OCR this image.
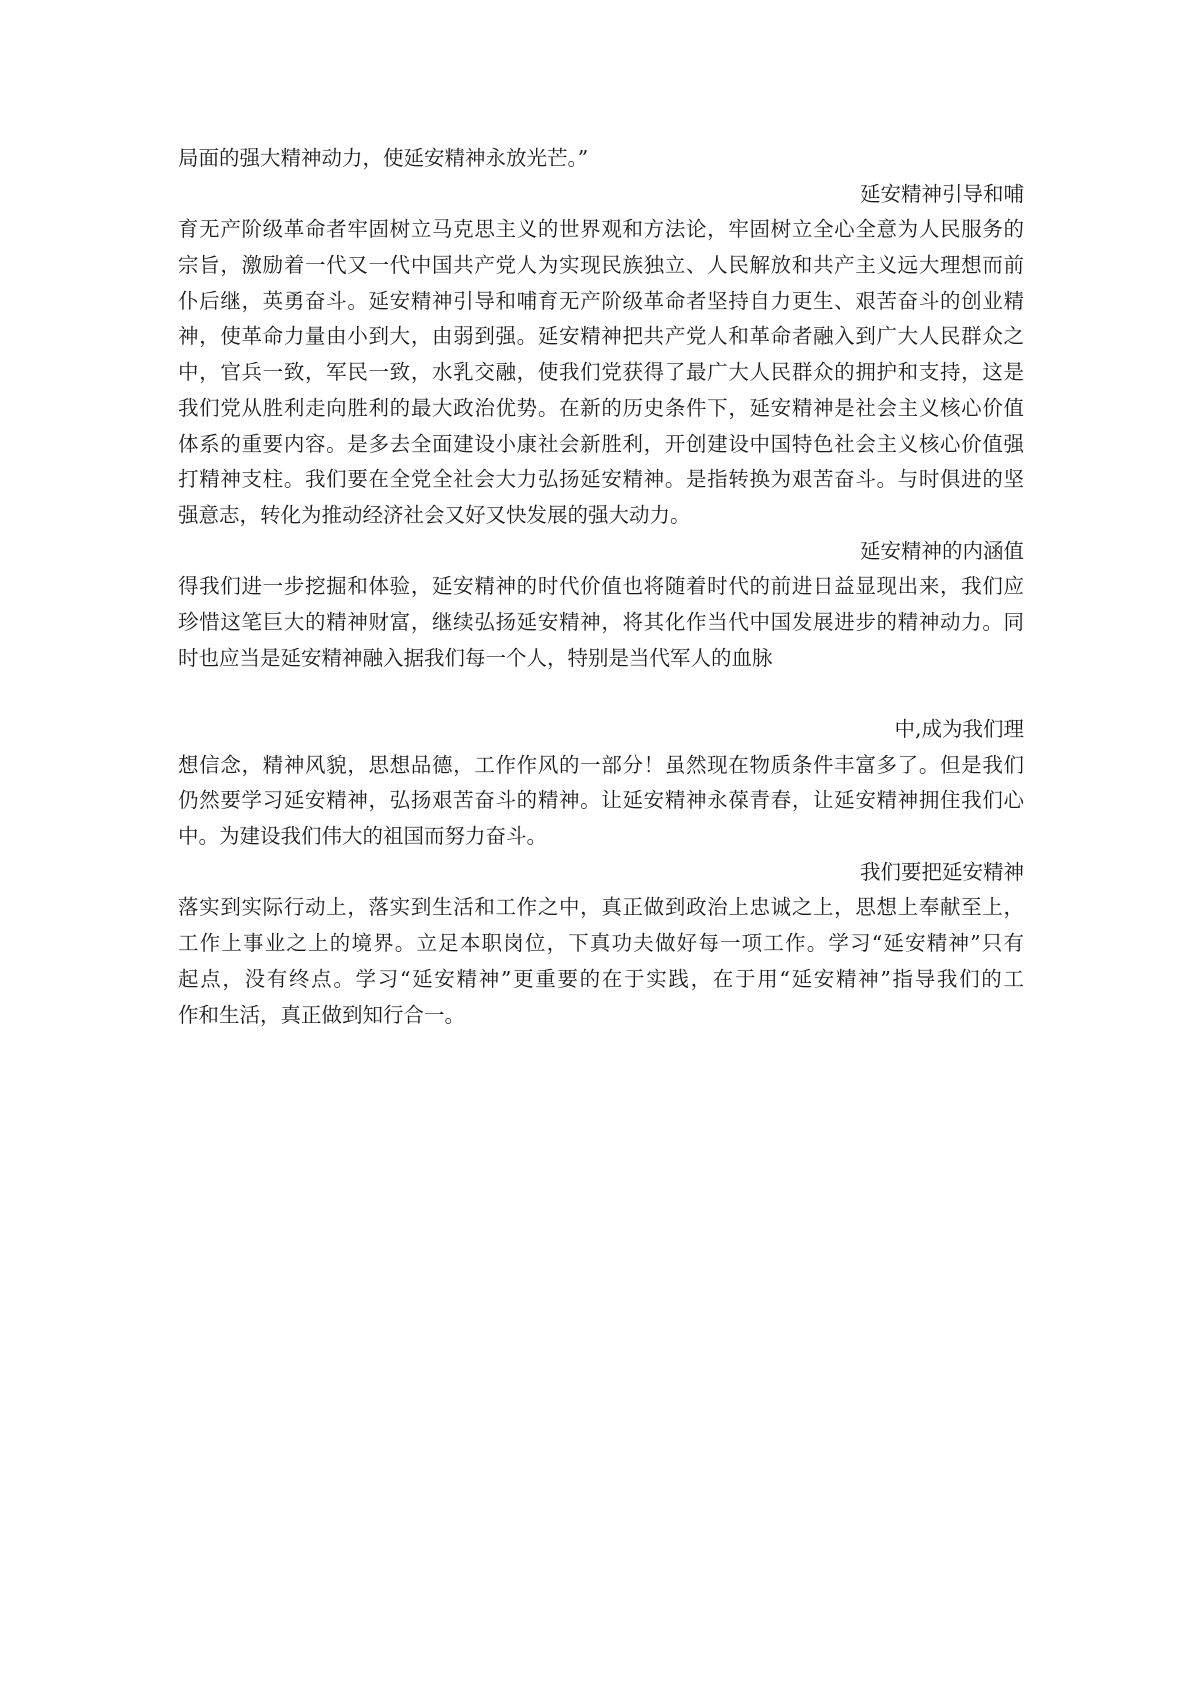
局面的强大精神动力，使延安精神永放光芒。”
延安精神引导和哺
育无产阶级革命者牢固树立马克思主义的世界观和方法论，牢固树立全心全意为人民服务的
宗旨，激励着一代又一代中国共产党人为实现民族独立、人民解放和共产主义远大理想而前
仆后继，英勇奋斗。延安精神引导和哺育无产阶级革命者坚持自力更生、艰苦奋斗的创业精
神，使革命力量由小到大，由弱到强。延安精神把共产党人和革命者融入到广大人民群众之
中，官兵一致，军民一致，水乳交融，使我们党获得了最广大人民群众的拥护和支持，这是
我们党从胜利走向胜利的最大政治优势。在新的历史条件下，延安精神是社会主义核心价值
体系的重要内容。是多去全面建设小康社会新胜利，开创建设中国特色社会主义核心价值强
打精神支柱。我们要在全党全社会大力弘扬延安精神。是指转换为艰苦奋斗。与时俱进的坚
强意志，转化为推动经济社会又好又快发展的强大动力。
延安精神的内涵值
得我们进一步挖掘和体验，延安精神的时代价值也将随着时代的前进日益显现出来，我们应
珍惜这笔巨大的精神财富，继续弘扬延安精神，将其化作当代中国发展进步的精神动力。同
时也应当是延安精神融入据我们每一个人，特别是当代军人的血脉
中,成为我们理
想信念，精神风貌，思想品德，工作作风的一部分！虽然现在物质条件丰富多了。但是我们
仍然要学习延安精神，弘扬艰苦奋斗的精神。让延安精神永葆青春，让延安精神拥住我们心
中。为建设我们伟大的祖国而努力奋斗。
我们要把延安精神
落实到实际行动上，落实到生活和工作之中，真正做到政治上忠诚之上，思想上奉献至上，
工作上事业之上的境界。立足本职岗位，下真功夫做好每一项工作。学习“延安精神”只有
起点，没有终点。学习“延安精神”更重要的在于实践，在于用“延安精神”指导我们的工
作和生活，真正做到知行合一。
